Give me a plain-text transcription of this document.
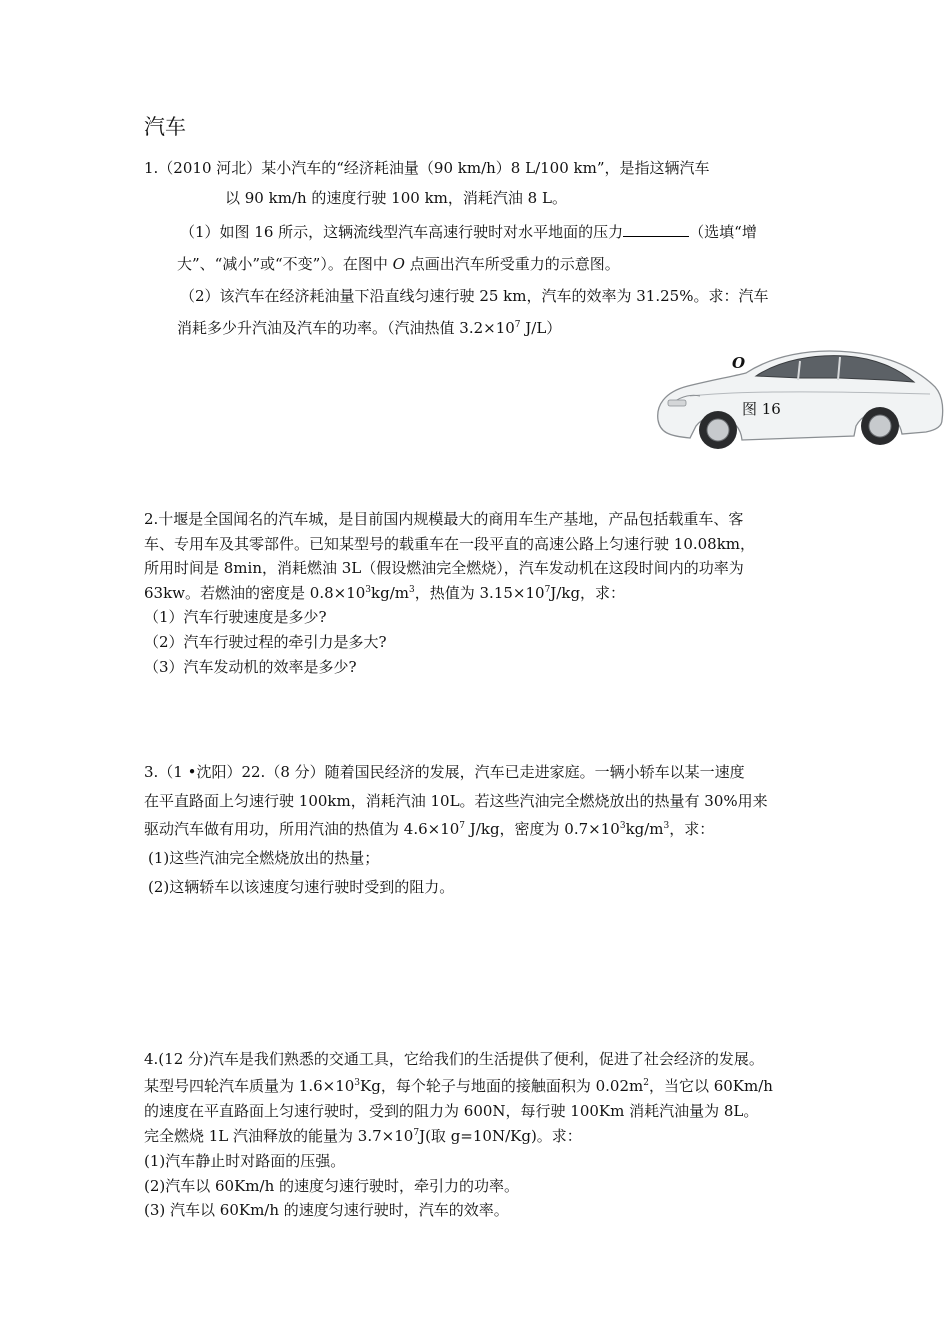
汽车
1.（2010 河北）某小汽车的“经济耗油量（90 km/h）8 L/100 km”，是指这辆汽车
以 90 km/h 的速度行驶 100 km，消耗汽油 8 L。
（1）如图 16 所示，这辆流线型汽车高速行驶时对水平地面的压力	（选填“增
大”、“减小”或“不变”）。在图中 O 点画出汽车所受重力的示意图。
（2）该汽车在经济耗油量下沿直线匀速行驶 25 km，汽车的效率为 31.25%。求：汽车
消耗多少升汽油及汽车的功率。（汽油热值 $3.2\times 10^7$ J/L）
O
图 16
2.十堰是全国闻名的汽车城，是目前国内规模最大的商用车生产基地，产品包括载重车、客
车、专用车及其零部件。已知某型号的载重车在一段平直的高速公路上匀速行驶 10.08km，
所用时间是 8min，消耗燃油 3L（假设燃油完全燃烧），汽车发动机在这段时间内的功率为
63kw。若燃油的密度是 $0.8\times 10^3kg/m^3$，热值为 $3.15\times 10^7J/kg$，求：
（1）汽车行驶速度是多少?
（2）汽车行驶过程的牵引力是多大?
（3）汽车发动机的效率是多少?
3.（1 •沈阳）22.（8 分）随着国民经济的发展，汽车已走进家庭。一辆小轿车以某一速度
在平直路面上匀速行驶 100km，消耗汽油 10L。若这些汽油完全燃烧放出的热量有 30%用来
驱动汽车做有用功，所用汽油的热值为 $4.6\times 10^7$ J/kg，密度为 $0.7\times 10^3kg/m^3$，求：
(1)这些汽油完全燃烧放出的热量；
(2)这辆轿车以该速度匀速行驶时受到的阻力。
4.(12 分)汽车是我们熟悉的交通工具，它给我们的生活提供了便利，促进了社会经济的发展。
某型号四轮汽车质量为 $1.6\times 10^3Kg$，每个轮子与地面的接触面积为 $0.02m^2$，当它以 60Km/h
的速度在平直路面上匀速行驶时，受到的阻力为 600N，每行驶 100Km 消耗汽油量为 8L。
完全燃烧 1L 汽油释放的能量为 $3.7\times 10^7J$(取 g=10N/Kg)。求：
(1)汽车静止时对路面的压强。
(2)汽车以 60Km/h 的速度匀速行驶时，牵引力的功率。
(3) 汽车以 60Km/h 的速度匀速行驶时，汽车的效率。
